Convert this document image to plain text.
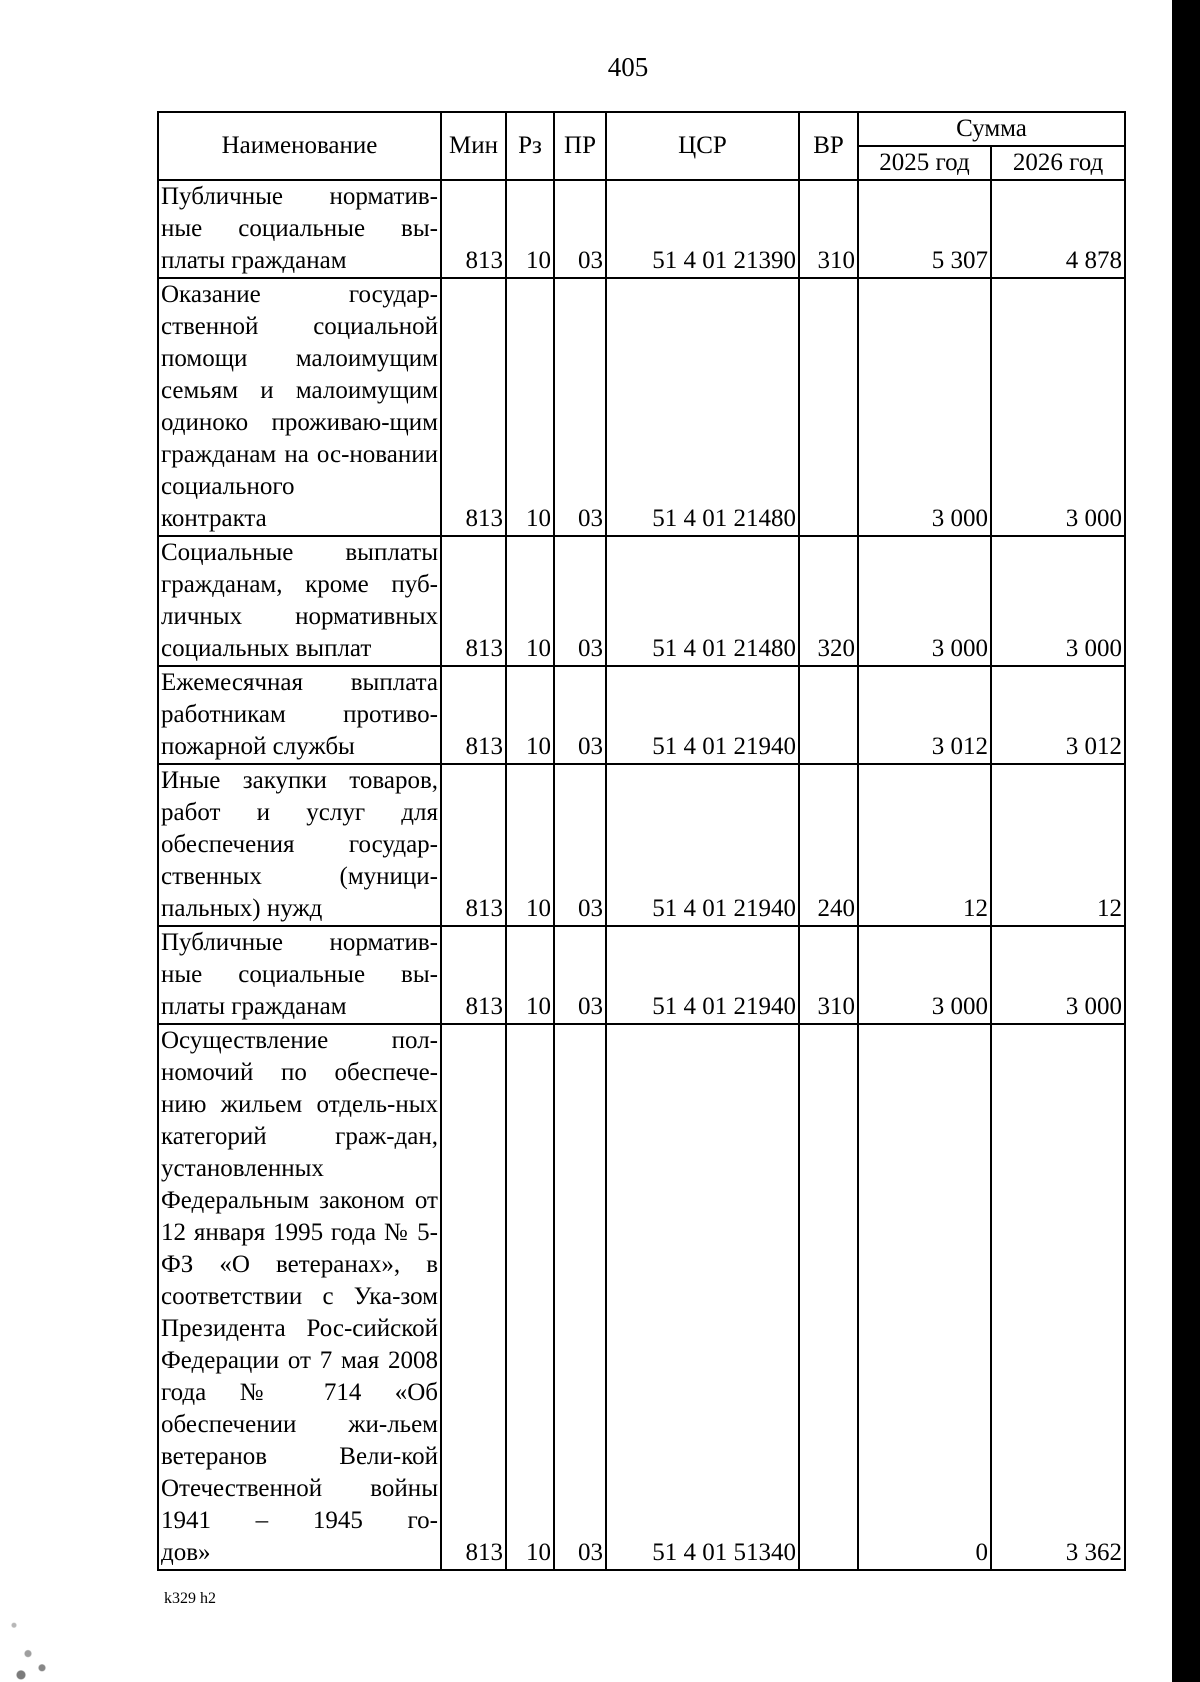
405
Наименование	Мин	Рз	ПР	ЦСР	ВР	Сумма	
						2025 год	2026 год
Публичные норматив-ные социальные вы-
платы гражданам	813	10	03	51 4 01 21390	310	5 307	4 878
Оказание государ-ственной социальной помощи малоимущим семьям и малоимущим одиноко проживаю-щим гражданам на ос-новании социального
контракта	813	10	03	51 4 01 21480		3 000	3 000
Социальные выплаты гражданам, кроме пуб-личных нормативных
социальных выплат	813	10	03	51 4 01 21480	320	3 000	3 000
Ежемесячная выплата работникам противо-
пожарной службы	813	10	03	51 4 01 21940		3 012	3 012
Иные закупки товаров, работ и услуг для обеспечения государ-ственных (муници-
пальных) нужд	813	10	03	51 4 01 21940	240	12	12
Публичные норматив-ные социальные вы-
платы гражданам	813	10	03	51 4 01 21940	310	3 000	3 000
Осуществление пол-номочий по обеспече-нию жильем отдель-ных категорий граж-дан, установленных Федеральным законом от 12 января 1995 года № 5-ФЗ «О ветеранах», в соответствии с Ука-зом Президента Рос-сийской Федерации от 7 мая 2008 года № 714 «Об обеспечении жи-льем ветеранов Вели-кой Отечественной войны 1941 – 1945 го-
дов»	813	10	03	51 4 01 51340		0	3 362
k329 h2
